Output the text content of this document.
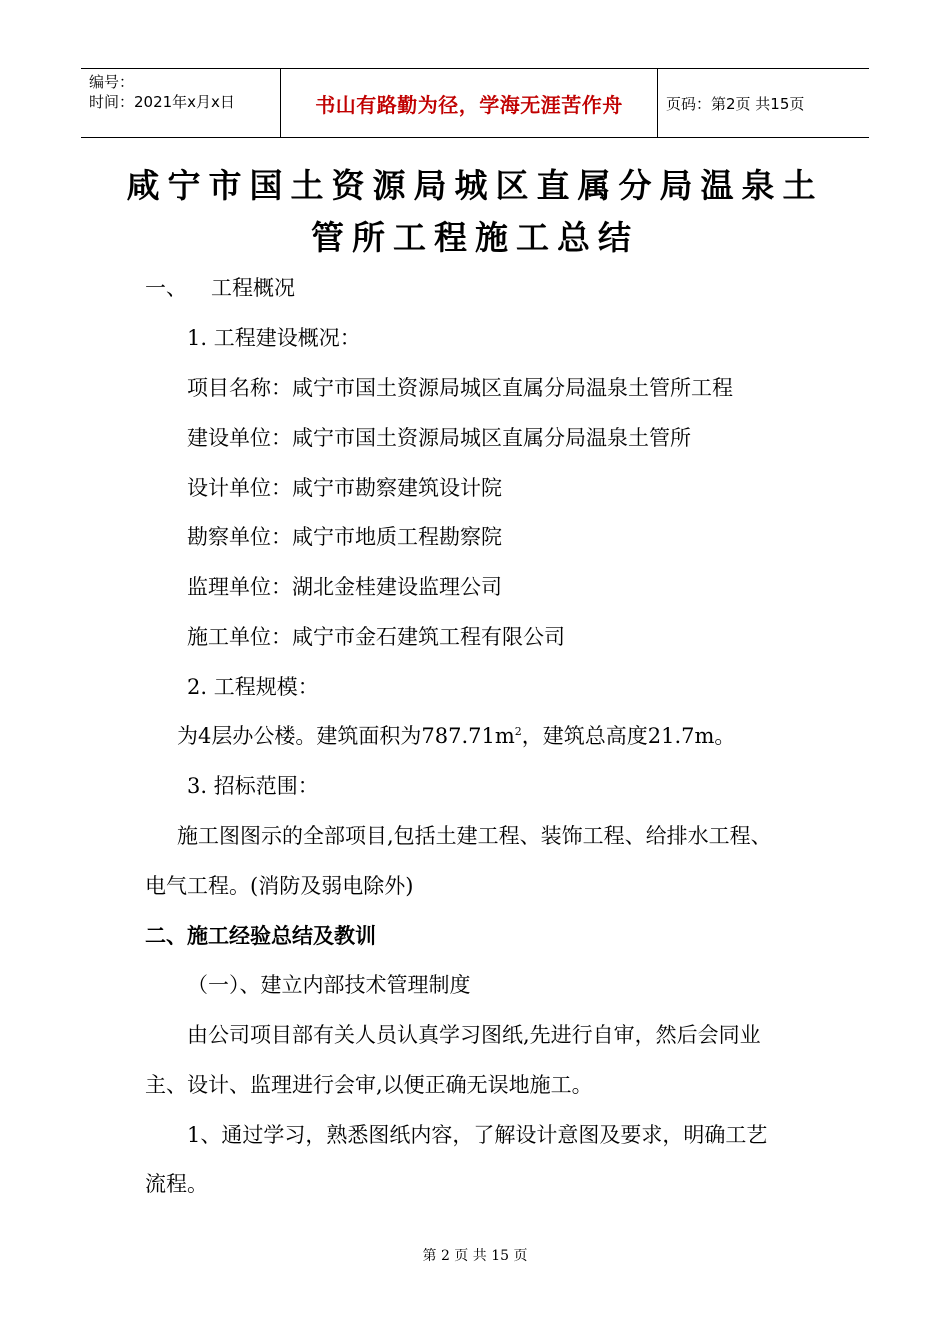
编号：
时间：2021年x月x日	书山有路勤为径，学海无涯苦作舟	页码：第2页 共15页
咸宁市国土资源局城区直属分局温泉土
管所工程施工总结
一、 工程概况
1. 工程建设概况：
项目名称：咸宁市国土资源局城区直属分局温泉土管所工程
建设单位：咸宁市国土资源局城区直属分局温泉土管所
设计单位：咸宁市勘察建筑设计院
勘察单位：咸宁市地质工程勘察院
监理单位：湖北金桂建设监理公司
施工单位：咸宁市金石建筑工程有限公司
2. 工程规模：
为4层办公楼。建筑面积为$787.71m^2$，建筑总高度21.7m。
3. 招标范围：
施工图图示的全部项目,包括土建工程、装饰工程、给排水工程、
电气工程。(消防及弱电除外)
二、施工经验总结及教训
（一）、建立内部技术管理制度
由公司项目部有关人员认真学习图纸,先进行自审，然后会同业
主、设计、监理进行会审,以便正确无误地施工。
1、通过学习，熟悉图纸内容，了解设计意图及要求，明确工艺
流程。
第 2 页 共 15 页
